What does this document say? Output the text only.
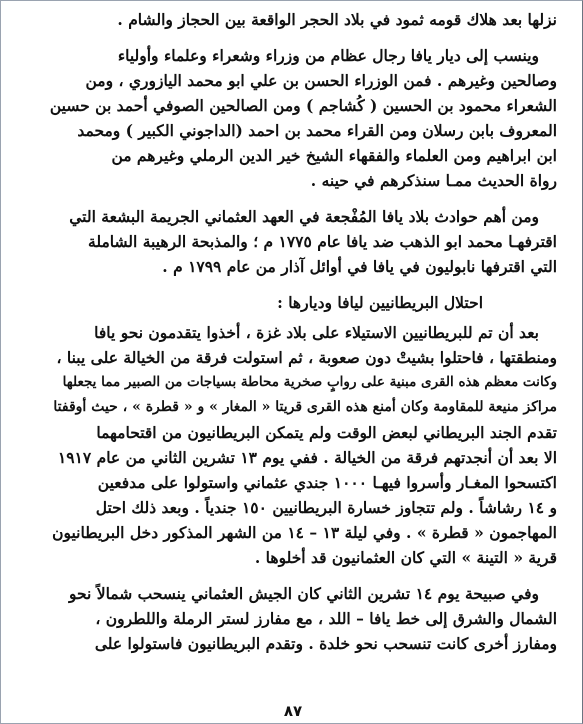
نزلها بعد هلاك قومه ثمود في بلاد الحجر الواقعة بين الحجاز والشام .
وينسب إلى ديار يافا رجال عظام من وزراء وشعراء وعلماء وأولياء
وصالحين وغيرهم . فمن الوزراء الحسن بن علي ابو محمد اليازوري ، ومن
الشعراء محمود بن الحسين ( كُشاجم ) ومن الصالحين الصوفي أحمد بن حسين
المعروف بابن رسلان ومن القراء محمد بن احمد (الداجوني الكبير ) ومحمد
ابن ابراهيم ومن العلماء والفقهاء الشيخ خير الدين الرملي وغيرهم من
رواة الحديث ممـا سنذكرهم في حينه .
ومن أهم حوادث بلاد يافا المُفْجعة في العهد العثماني الجريمة البشعة التي
اقترفهـا محمد ابو الذهب ضد يافا عام ١٧٧٥ م ؛ والمذبحة الرهيبة الشاملة
التي اقترفها نابوليون في يافا في أوائل آذار من عام ١٧٩٩ م .
احتلال البريطانيين ليافا وديارها :
بعد أن تم للبريطانيين الاستيلاء على بلاد غزة ، أخذوا يتقدمون نحو يافا
ومنطقتها ، فاحتلوا بشيتْ دون صعوبة ، ثم استولت فرقة من الخيالة على يبنا ،
وكانت معظم هذه القرى مبنية على روابٍ صخرية محاطة بسياجات من الصبير مما يجعلها
مراكز منيعة للمقاومة وكان أمنع هذه القرى قريتا « المغار » و « قطرة » ، حيث أوقفتا
تقدم الجند البريطاني لبعض الوقت ولم يتمكن البريطانيون من اقتحامهما
الا بعد أن أنجدتهم فرقة من الخيالة . ففي يوم ١٣ تشرين الثاني من عام ١٩١٧
اكتسحوا المغـار وأسروا فيهـا ١٠٠٠ جندي عثماني واستولوا على مدفعين
و ١٤ رشاشاً . ولم تتجاوز خسارة البريطانيين ١٥٠ جندياً . وبعد ذلك احتل
المهاجمون « قطرة » . وفي ليلة ١٣ – ١٤ من الشهر المذكور دخل البريطانيون
قرية « التينة » التي كان العثمانيون قد أخلوها .
وفي صبيحة يوم ١٤ تشرين الثاني كان الجيش العثماني ينسحب شمالاً نحو
الشمال والشرق إلى خط يافا – اللد ، مع مفارز لستر الرملة واللطرون ،
ومفارز أخرى كانت تنسحب نحو خلدة . وتقدم البريطانيون فاستولوا على
٨٧
